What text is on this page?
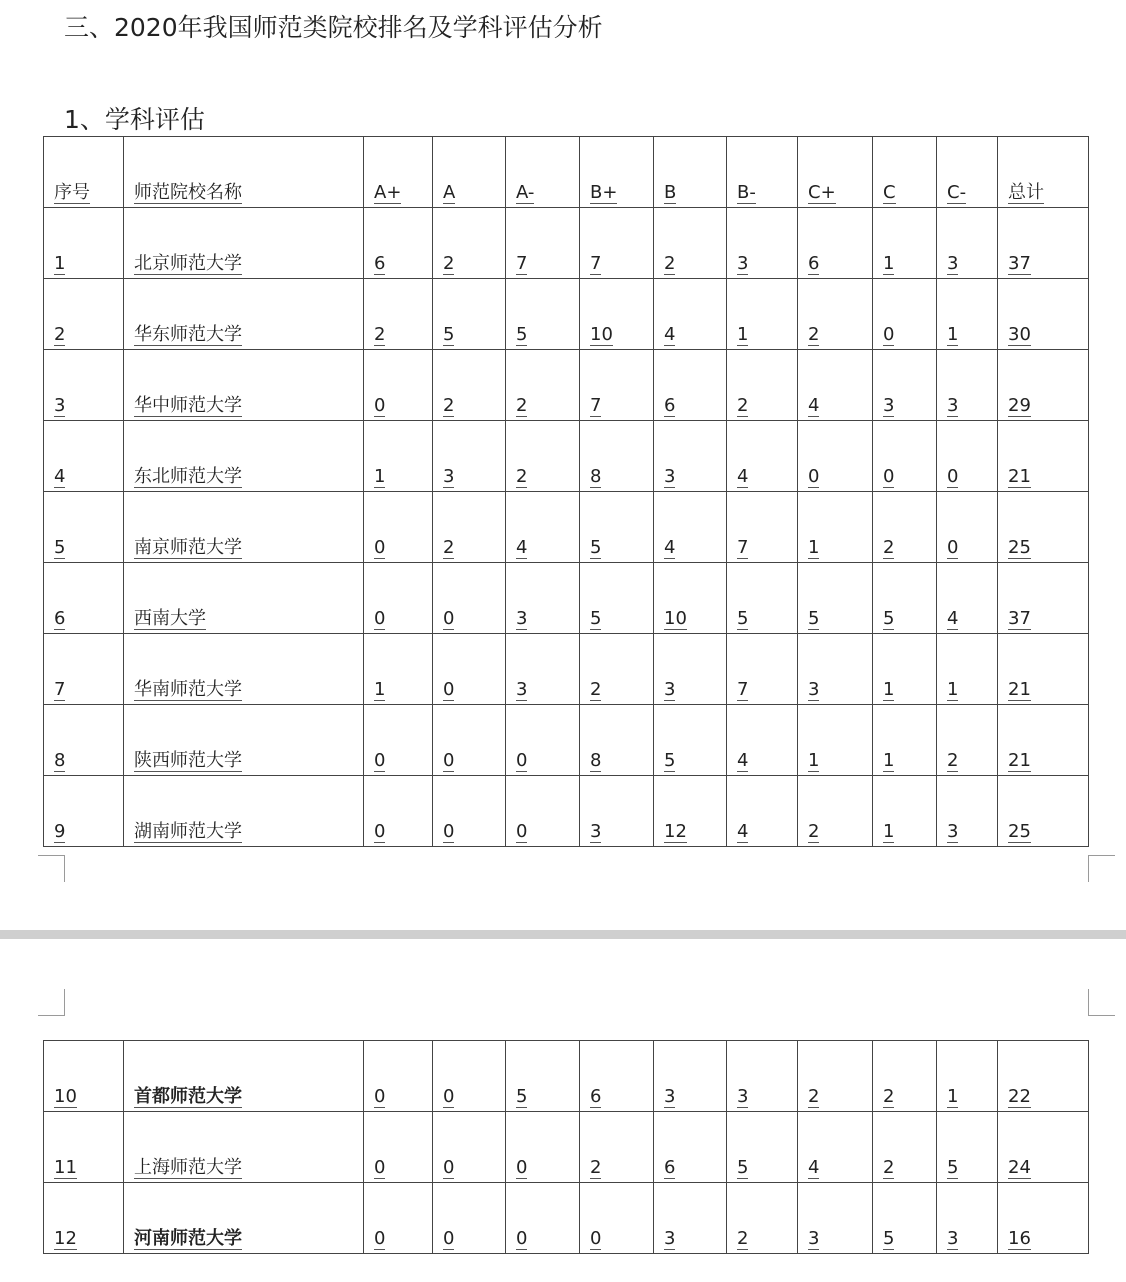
三、2020年我国师范类院校排名及学科评估分析
1、学科评估
序号	师范院校名称	A+	A	A-	B+	B	B-	C+	C	C-	总计
1	北京师范大学	6	2	7	7	2	3	6	1	3	37
2	华东师范大学	2	5	5	10	4	1	2	0	1	30
3	华中师范大学	0	2	2	7	6	2	4	3	3	29
4	东北师范大学	1	3	2	8	3	4	0	0	0	21
5	南京师范大学	0	2	4	5	4	7	1	2	0	25
6	西南大学	0	0	3	5	10	5	5	5	4	37
7	华南师范大学	1	0	3	2	3	7	3	1	1	21
8	陕西师范大学	0	0	0	8	5	4	1	1	2	21
9	湖南师范大学	0	0	0	3	12	4	2	1	3	25
10	首都师范大学	0	0	5	6	3	3	2	2	1	22
11	上海师范大学	0	0	0	2	6	5	4	2	5	24
12	河南师范大学	0	0	0	0	3	2	3	5	3	16
